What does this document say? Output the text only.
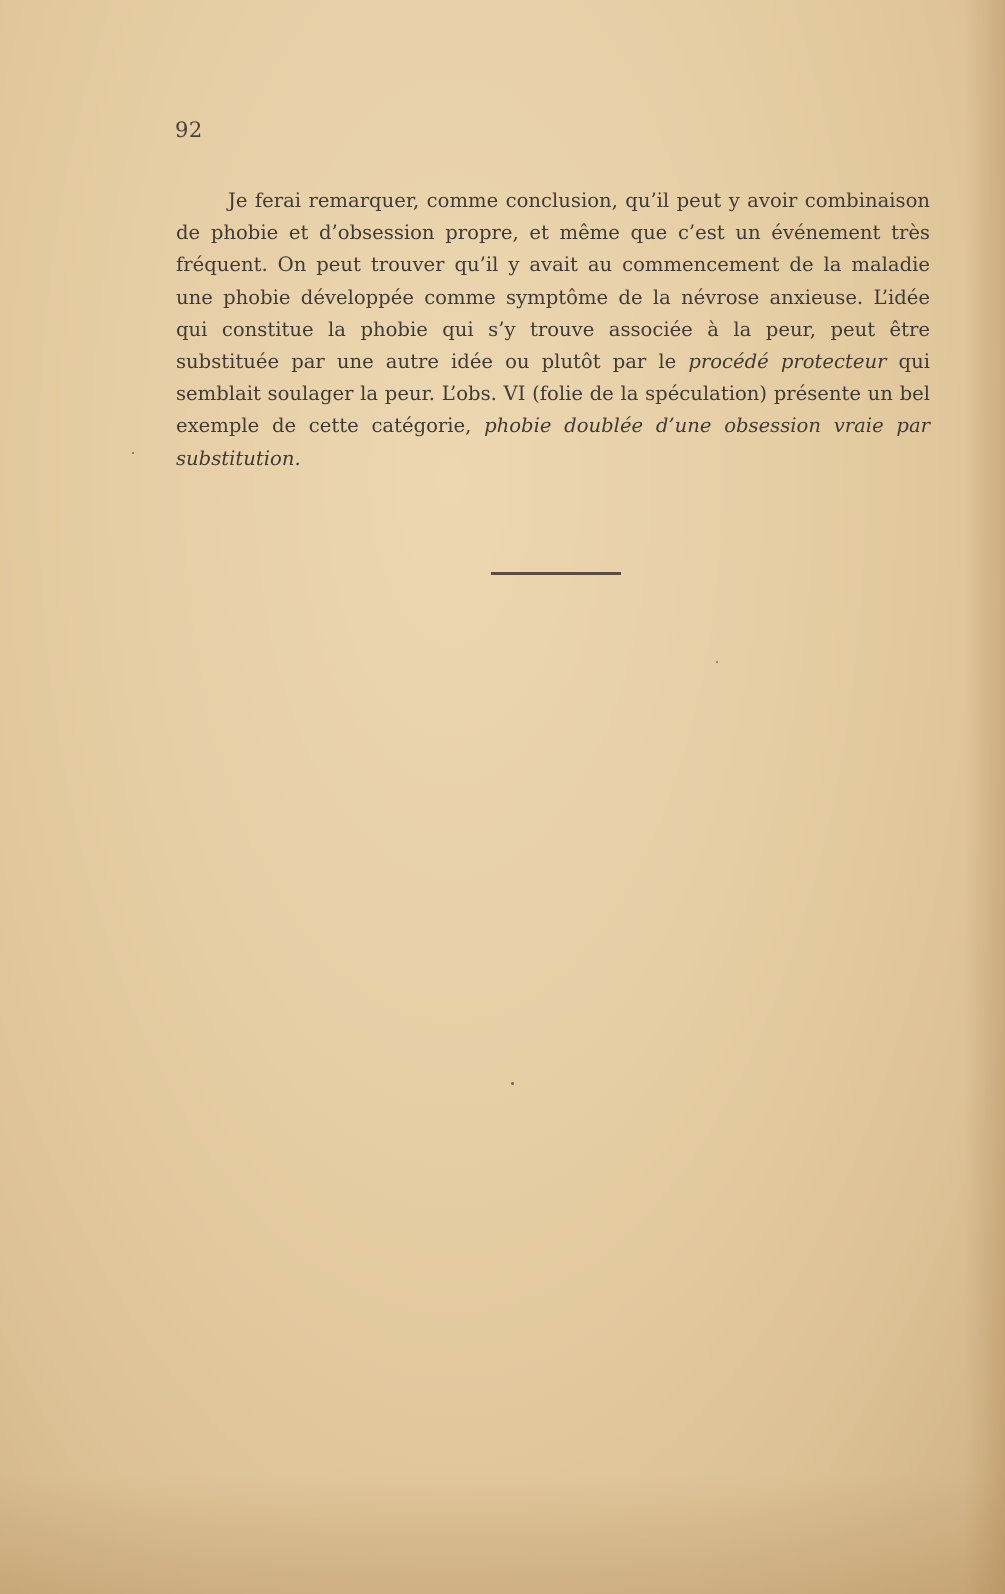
92

Je ferai remarquer, comme conclusion, qu’il peut y avoir combinaison de phobie et d’obsession propre, et même que c’est un événement très fréquent. On peut trouver qu’il y avait au commencement de la maladie une phobie développée comme symptôme de la névrose anxieuse. L’idée qui constitue la phobie qui s’y trouve associée à la peur, peut être substituée par une autre idée ou plutôt par le procédé protecteur qui semblait soulager la peur. L’obs. VI (folie de la spéculation) présente un bel exemple de cette catégorie, phobie doublée d’une obsession vraie par substitution.
